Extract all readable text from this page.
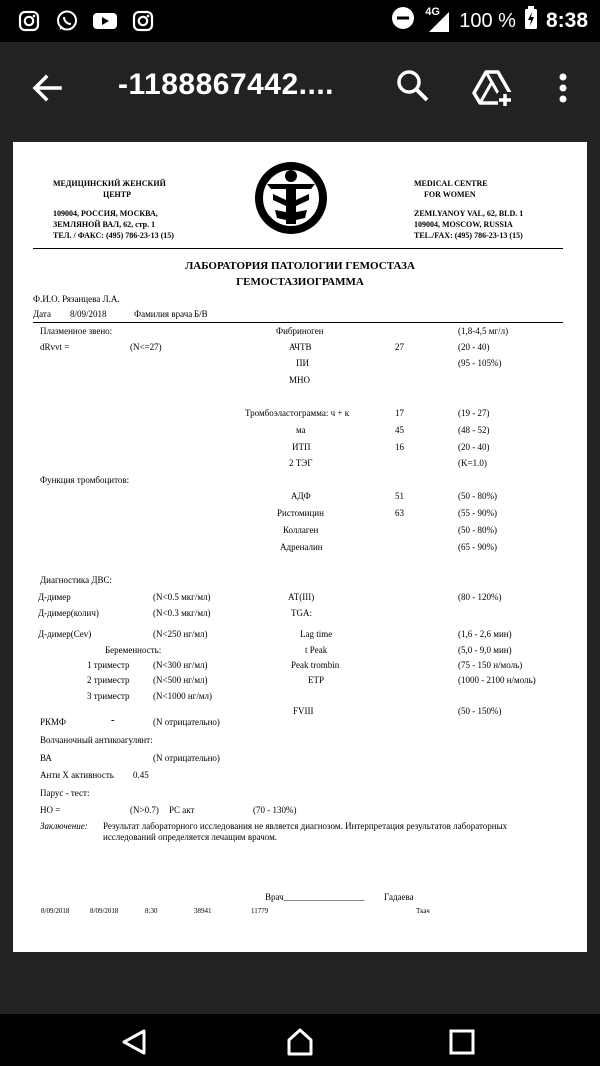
4G 100 % 8:38
-1188867442....
МЕДИЦИНСКИЙ ЖЕНСКИЙ
ЦЕНТР
109004, РОССИЯ, МОСКВА,
ЗЕМЛЯНОЙ ВАЛ, 62, стр. 1
ТЕЛ. / ФАКС: (495) 786-23-13 (15)
MEDICAL CENTRE
FOR WOMEN
ZEMLYANOY VAL, 62, BLD. 1
109004, MOSCOW, RUSSIA
TEL./FAX: (495) 786-23-13 (15)
ЛАБОРАТОРИЯ ПАТОЛОГИИ ГЕМОСТАЗА
ГЕМОСТАЗИОГРАММА
Ф.И.О. Рязанцева Л.А.
Дата 8/09/2018	Фамилия врача Б/В
Плазменное звено:	Фибриноген	(1,8-4,5 мг/л)
dRvvt =	(N<=27)	АЧТВ	27	(20 - 40)
ПИ	(95 - 105%)
МНО
Тромбоэластограмма: ч + к	17	(19 - 27)
ма	45	(48 - 52)
ИТП	16	(20 - 40)
2 ТЭГ	(K=1.0)
Функция тромбоцитов:
АДФ	51	(50 - 80%)
Ристомицин	63	(55 - 90%)
Коллаген	(50 - 80%)
Адреналин	(65 - 90%)
Диагностика ДВС:
Д-димер	(N<0.5 мкг/мл)	АТ(III)	(80 - 120%)
Д-димер(колич)	(N<0.3 мкг/мл)	TGA:
Д-димер(Cev)	(N<250 нг/мл)	Lag time	(1,6 - 2,6 мин)
Беременность:	t Peak	(5,0 - 9,0 мин)
1 триместр	(N<300 нг/мл)	Peak trombin	(75 - 150 н/моль)
2 триместр	(N<500 нг/мл)	ETP	(1000 - 2100 н/моль)
3 триместр	(N<1000 нг/мл)
FVIII	(50 - 150%)
РКМФ	-	(N отрицательно)
Волчаночный антикоагулянт:
ВА	(N отрицательно)
Анти X активность 0.45
Парус - тест:
НО =	(N>0.7) PC акт	(70 - 130%)
Заключение: Результат лабораторного исследования не является диагнозом. Интерпретация результатов лабораторных
исследований определяется лечащим врачом.
Врач__________________ Гадаева
8/09/2018	8/09/2018	8:30	38941	11779	Ткач
